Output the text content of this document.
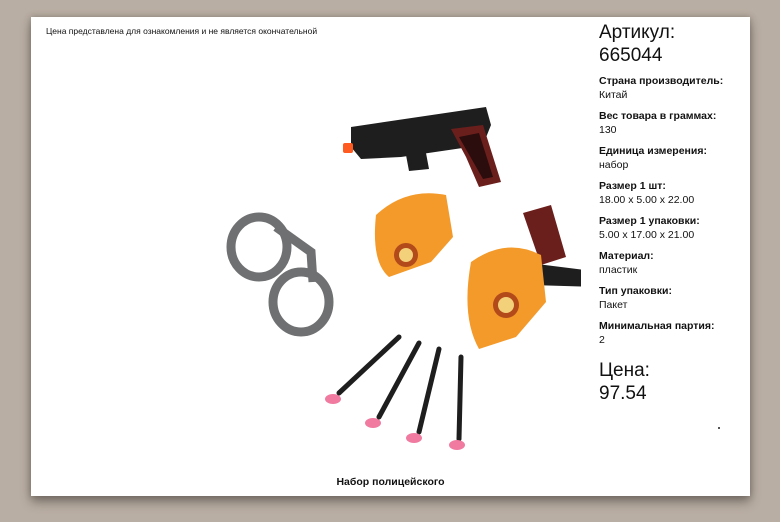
Цена представлена для ознакомления и не является окончательной
Набор полицейского
Артикул:
665044
Страна производитель:
Китай
Вес товара в граммах:
130
Единица измерения:
набор
Размер 1 шт:
18.00 x 5.00 x 22.00
Размер 1 упаковки:
5.00 x 17.00 x 21.00
Материал:
пластик
Тип упаковки:
Пакет
Минимальная партия:
2
Цена:
97.54
